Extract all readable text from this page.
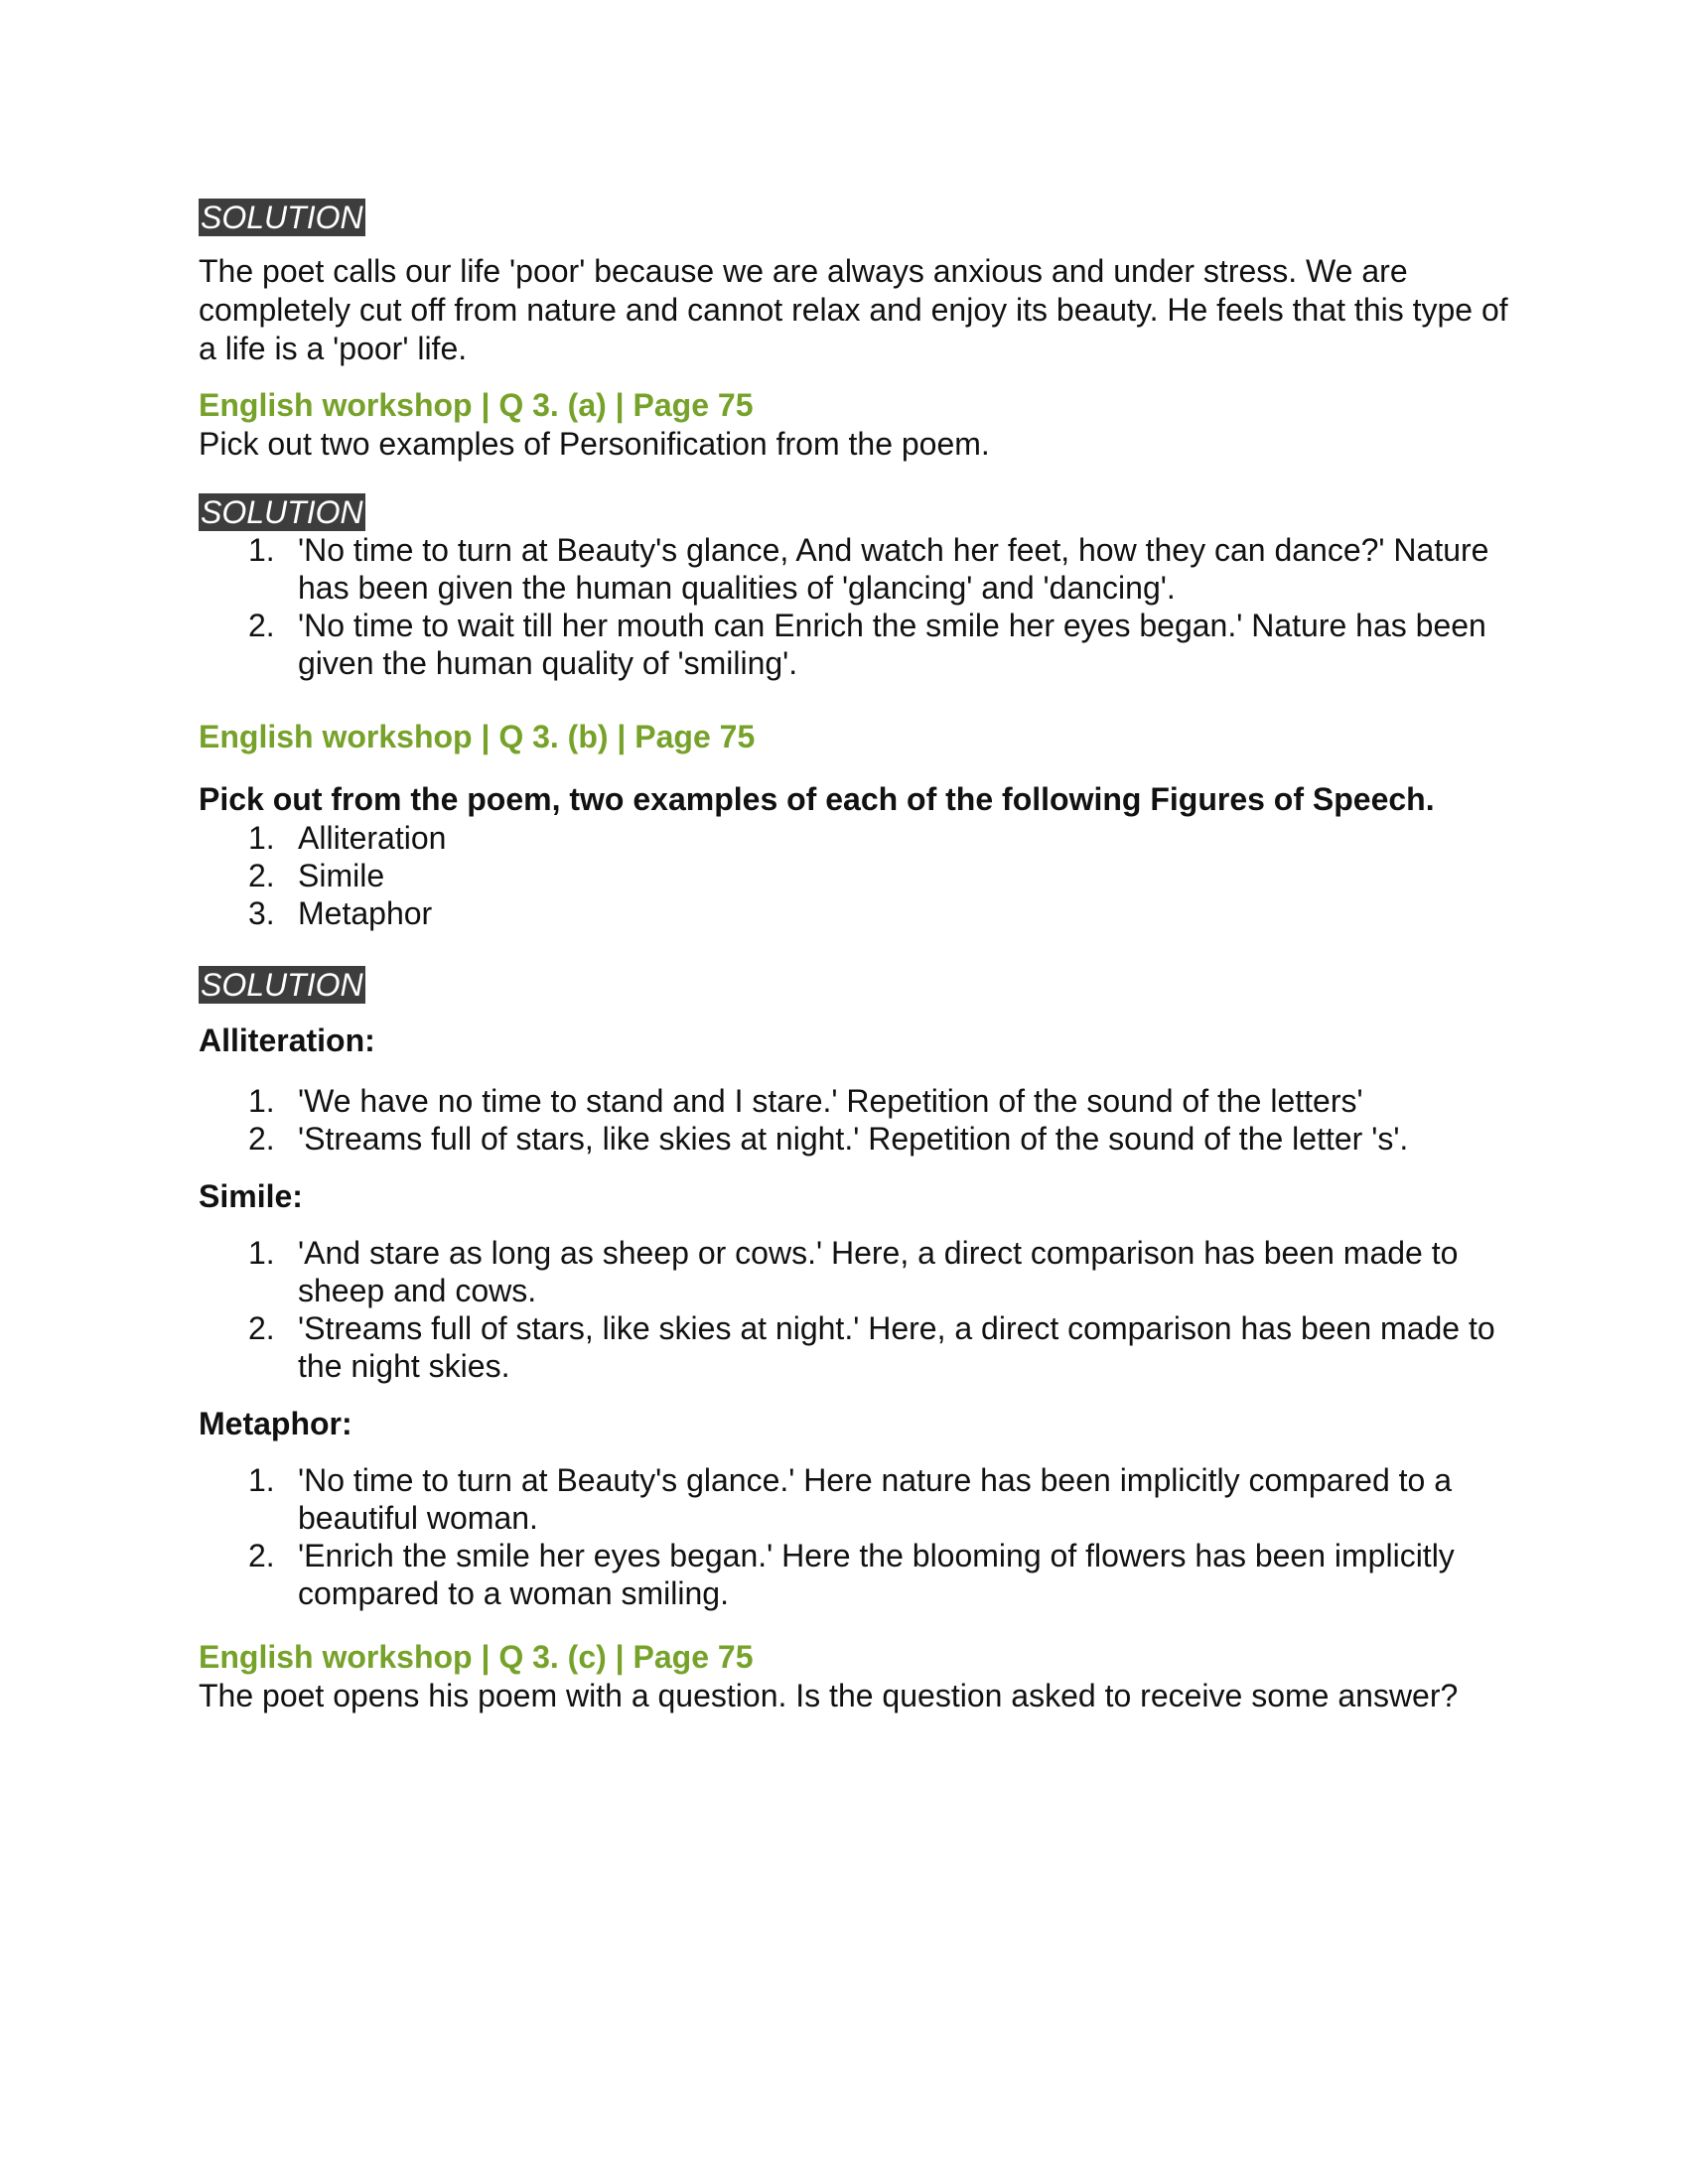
SOLUTION

The poet calls our life 'poor' because we are always anxious and under stress. We are completely cut off from nature and cannot relax and enjoy its beauty. He feels that this type of a life is a 'poor' life.

English workshop | Q 3. (a) | Page 75

Pick out two examples of Personification from the poem.

SOLUTION
1. 'No time to turn at Beauty's glance, And watch her feet, how they can dance?' Nature has been given the human qualities of 'glancing' and 'dancing'.
2. 'No time to wait till her mouth can Enrich the smile her eyes began.' Nature has been given the human quality of 'smiling'.

English workshop | Q 3. (b) | Page 75

Pick out from the poem, two examples of each of the following Figures of Speech.

1. Alliteration
2. Simile
3. Metaphor
SOLUTION

Alliteration:

1. 'We have no time to stand and I stare.' Repetition of the sound of the letters'
2. 'Streams full of stars, like skies at night.' Repetition of the sound of the letter 's'.

Simile:

1. 'And stare as long as sheep or cows.' Here, a direct comparison has been made to sheep and cows.
2. 'Streams full of stars, like skies at night.' Here, a direct comparison has been made to the night skies.

Metaphor:

1. 'No time to turn at Beauty's glance.' Here nature has been implicitly compared to a beautiful woman.
2. 'Enrich the smile her eyes began.' Here the blooming of flowers has been implicitly compared to a woman smiling.

English workshop | Q 3. (c) | Page 75

The poet opens his poem with a question. Is the question asked to receive some answer?
